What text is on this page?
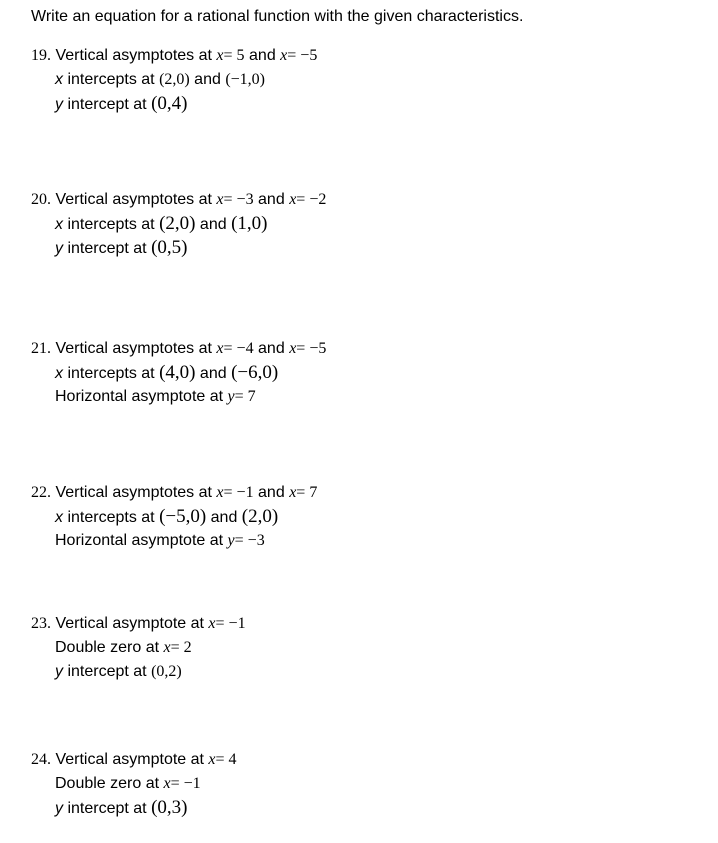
Write an equation for a rational function with the given characteristics.
19. Vertical asymptotes at x= 5 and x= −5
x intercepts at (2,0) and (−1,0)
y intercept at (0,4)
20. Vertical asymptotes at x= −3 and x= −2
x intercepts at (2,0) and (1,0)
y intercept at (0,5)
21. Vertical asymptotes at x= −4 and x= −5
x intercepts at (4,0) and (−6,0)
Horizontal asymptote at y= 7
22. Vertical asymptotes at x= −1 and x= 7
x intercepts at (−5,0) and (2,0)
Horizontal asymptote at y= −3
23. Vertical asymptote at x= −1
Double zero at x= 2
y intercept at (0,2)
24. Vertical asymptote at x= 4
Double zero at x= −1
y intercept at (0,3)
